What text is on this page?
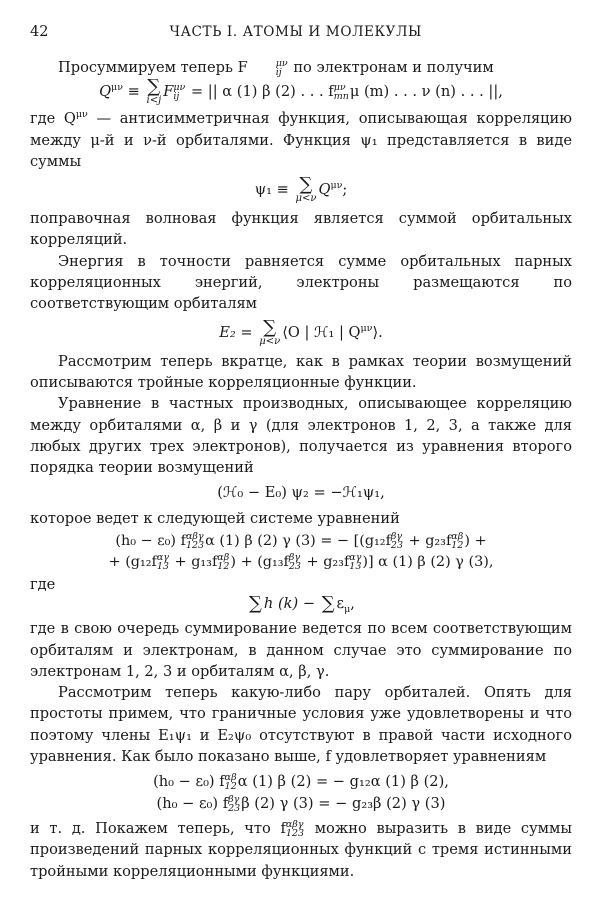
42	ЧАСТЬ I. АТОМЫ И МОЛЕКУЛЫ

Просуммируем теперь F	μν
ij по электронам и получим

$Q^{\mu\nu}$ ≡ ∑
i<j
F μν
ij = || α (1) β (2) . . . f μν
mn μ (m) . . . ν (n) . . . ||,

где $Q^{\mu\nu}$ — антисимметричная функция, описывающая корреляцию между μ-й и ν-й орбиталями. Функция ψ₁ представляется в виде суммы

ψ₁ ≡ ∑
μ<ν
$Q^{\mu\nu}$;

поправочная волновая функция является суммой орбитальных корреляций.

Энергия в точности равняется сумме орбитальных парных корреляционных энергий, электроны размещаются по соответствующим орбиталям

E₂ = ∑
μ<ν
⟨O | ℋ₁ | $Q^{\mu\nu}⟩$.

Рассмотрим теперь вкратце, как в рамках теории возмущений описываются тройные корреляционные функции.

Уравнение в частных производных, описывающее корреляцию между орбиталями α, β и γ (для электронов 1, 2, 3, а также для любых других трех электронов), получается из уравнения второго порядка теории возмущений

(ℋ₀ − E₀) ψ₂ = −ℋ₁ψ₁,

которое ведет к следующей системе уравнений

(h₀ − ε₀) f αβγ
123 α (1) β (2) γ (3) = − [(g₁₂f βγ
23 + g₂₃f αβ
12 ) +
+ (g₁₂f αγ
13 + g₁₃f αβ
12 ) + (g₁₃f βγ
23 + g₂₃f αγ
13 )] α (1) β (2) γ (3),

где

∑ h (k) − ∑ $\varepsilon_\mu$,

где в свою очередь суммирование ведется по всем соответствующим орбиталям и электронам, в данном случае это суммирование по электронам 1, 2, 3 и орбиталям α, β, γ.

Рассмотрим теперь какую-либо пару орбиталей. Опять для простоты примем, что граничные условия уже удовлетворены и что поэтому члены E₁ψ₁ и E₂ψ₀ отсутствуют в правой части исходного уравнения. Как было показано выше, f удовлетворяет уравнениям

(h₀ − ε₀) f αβ
12 α (1) β (2) = − g₁₂α (1) β (2),
(h₀ − ε₀) f βγ
23 β (2) γ (3) = − g₂₃β (2) γ (3)

и т. д. Покажем теперь, что f αβγ
123 можно выразить в виде суммы произведений парных корреляционных функций с тремя истинными тройными корреляционными функциями.
